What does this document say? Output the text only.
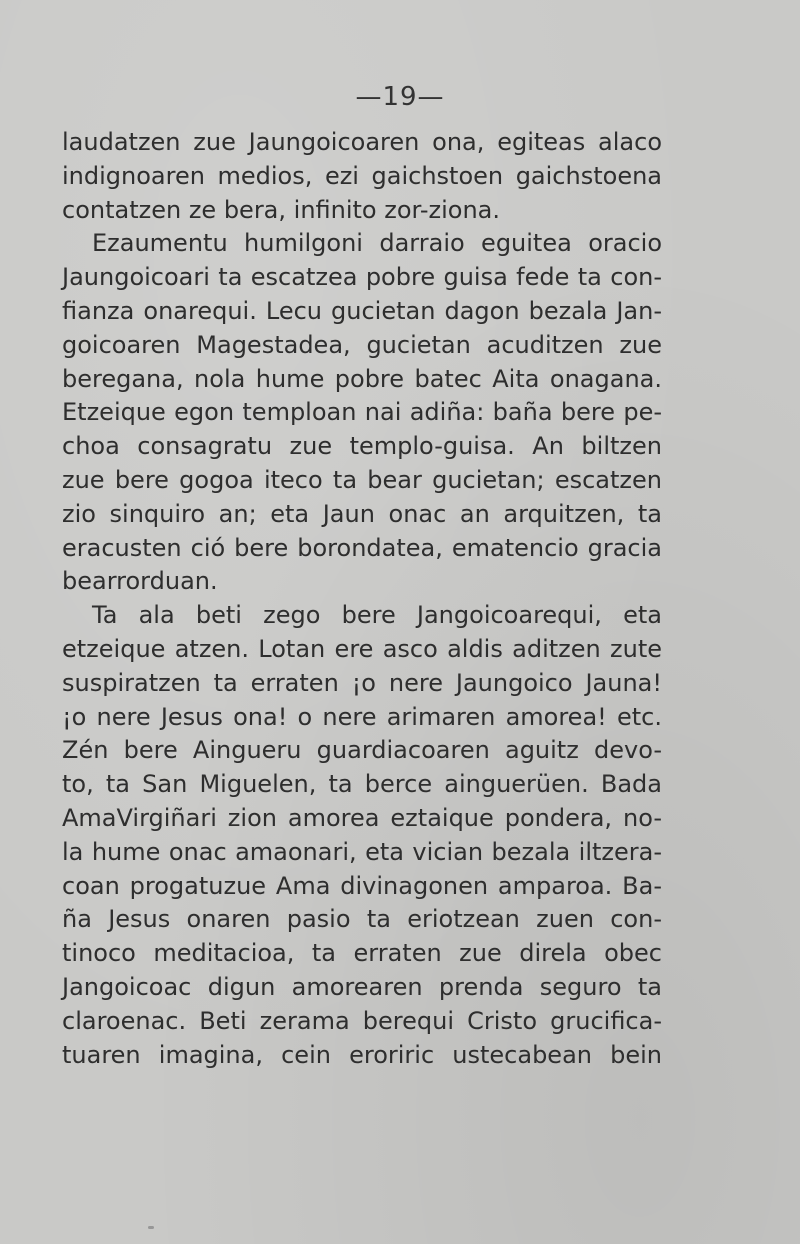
—19—
laudatzen zue Jaungoicoaren ona, egiteas alaco
indignoaren medios, ezi gaichstoen gaichstoena
contatzen ze bera, infinito zor-ziona.
Ezaumentu humilgoni darraio eguitea oracio
Jaungoicoari ta escatzea pobre guisa fede ta con-
fianza onarequi. Lecu gucietan dagon bezala Jan-
goicoaren Magestadea, gucietan acuditzen zue
beregana, nola hume pobre batec Aita onagana.
Etzeique egon temploan nai adiña: baña bere pe-
choa consagratu zue templo-guisa. An biltzen
zue bere gogoa iteco ta bear gucietan; escatzen
zio sinquiro an; eta Jaun onac an arquitzen, ta
eracusten ció bere borondatea, ematencio gracia
bearrorduan.
Ta ala beti zego bere Jangoicoarequi, eta
etzeique atzen. Lotan ere asco aldis aditzen zute
suspiratzen ta erraten ¡o nere Jaungoico Jauna!
¡o nere Jesus ona! o nere arimaren amorea! etc.
Zén bere Aingueru guardiacoaren aguitz devo-
to, ta San Miguelen, ta berce ainguerüen. Bada
AmaVirgiñari zion amorea eztaique pondera, no-
la hume onac amaonari, eta vician bezala iltzera-
coan progatuzue Ama divinagonen amparoa. Ba-
ña Jesus onaren pasio ta eriotzean zuen con-
tinoco meditacioa, ta erraten zue direla obec
Jangoicoac digun amorearen prenda seguro ta
claroenac. Beti zerama berequi Cristo grucifica-
tuaren imagina, cein eroriric ustecabean bein
